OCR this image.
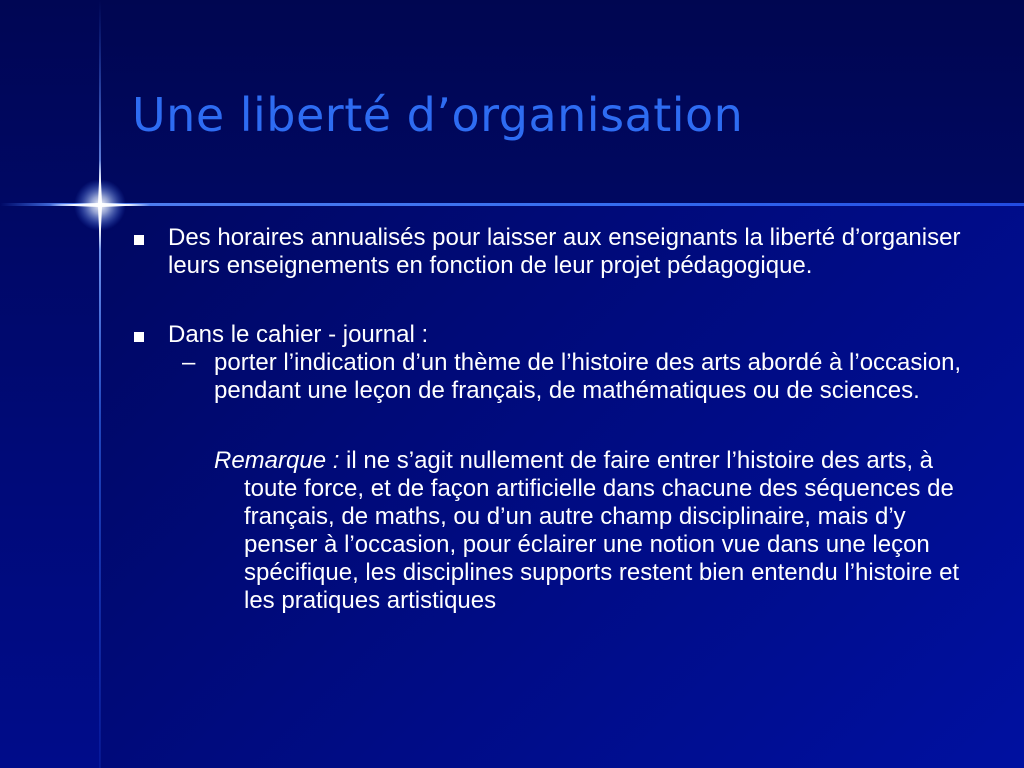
Une liberté d’organisation
Des horaires annualisés pour laisser aux enseignants la liberté d’organiser leurs enseignements en fonction de leur projet pédagogique.
Dans le cahier - journal :
– porter l’indication d’un thème de l’histoire des arts abordé à l’occasion, pendant une leçon de français, de mathématiques ou de sciences.
Remarque : il ne s’agit nullement de faire entrer l’histoire des arts, à toute force, et de façon artificielle dans chacune des séquences de français, de maths, ou d’un autre champ disciplinaire, mais d’y penser à l’occasion, pour éclairer une notion vue dans une leçon spécifique, les disciplines supports restent bien entendu l’histoire et les pratiques artistiques
